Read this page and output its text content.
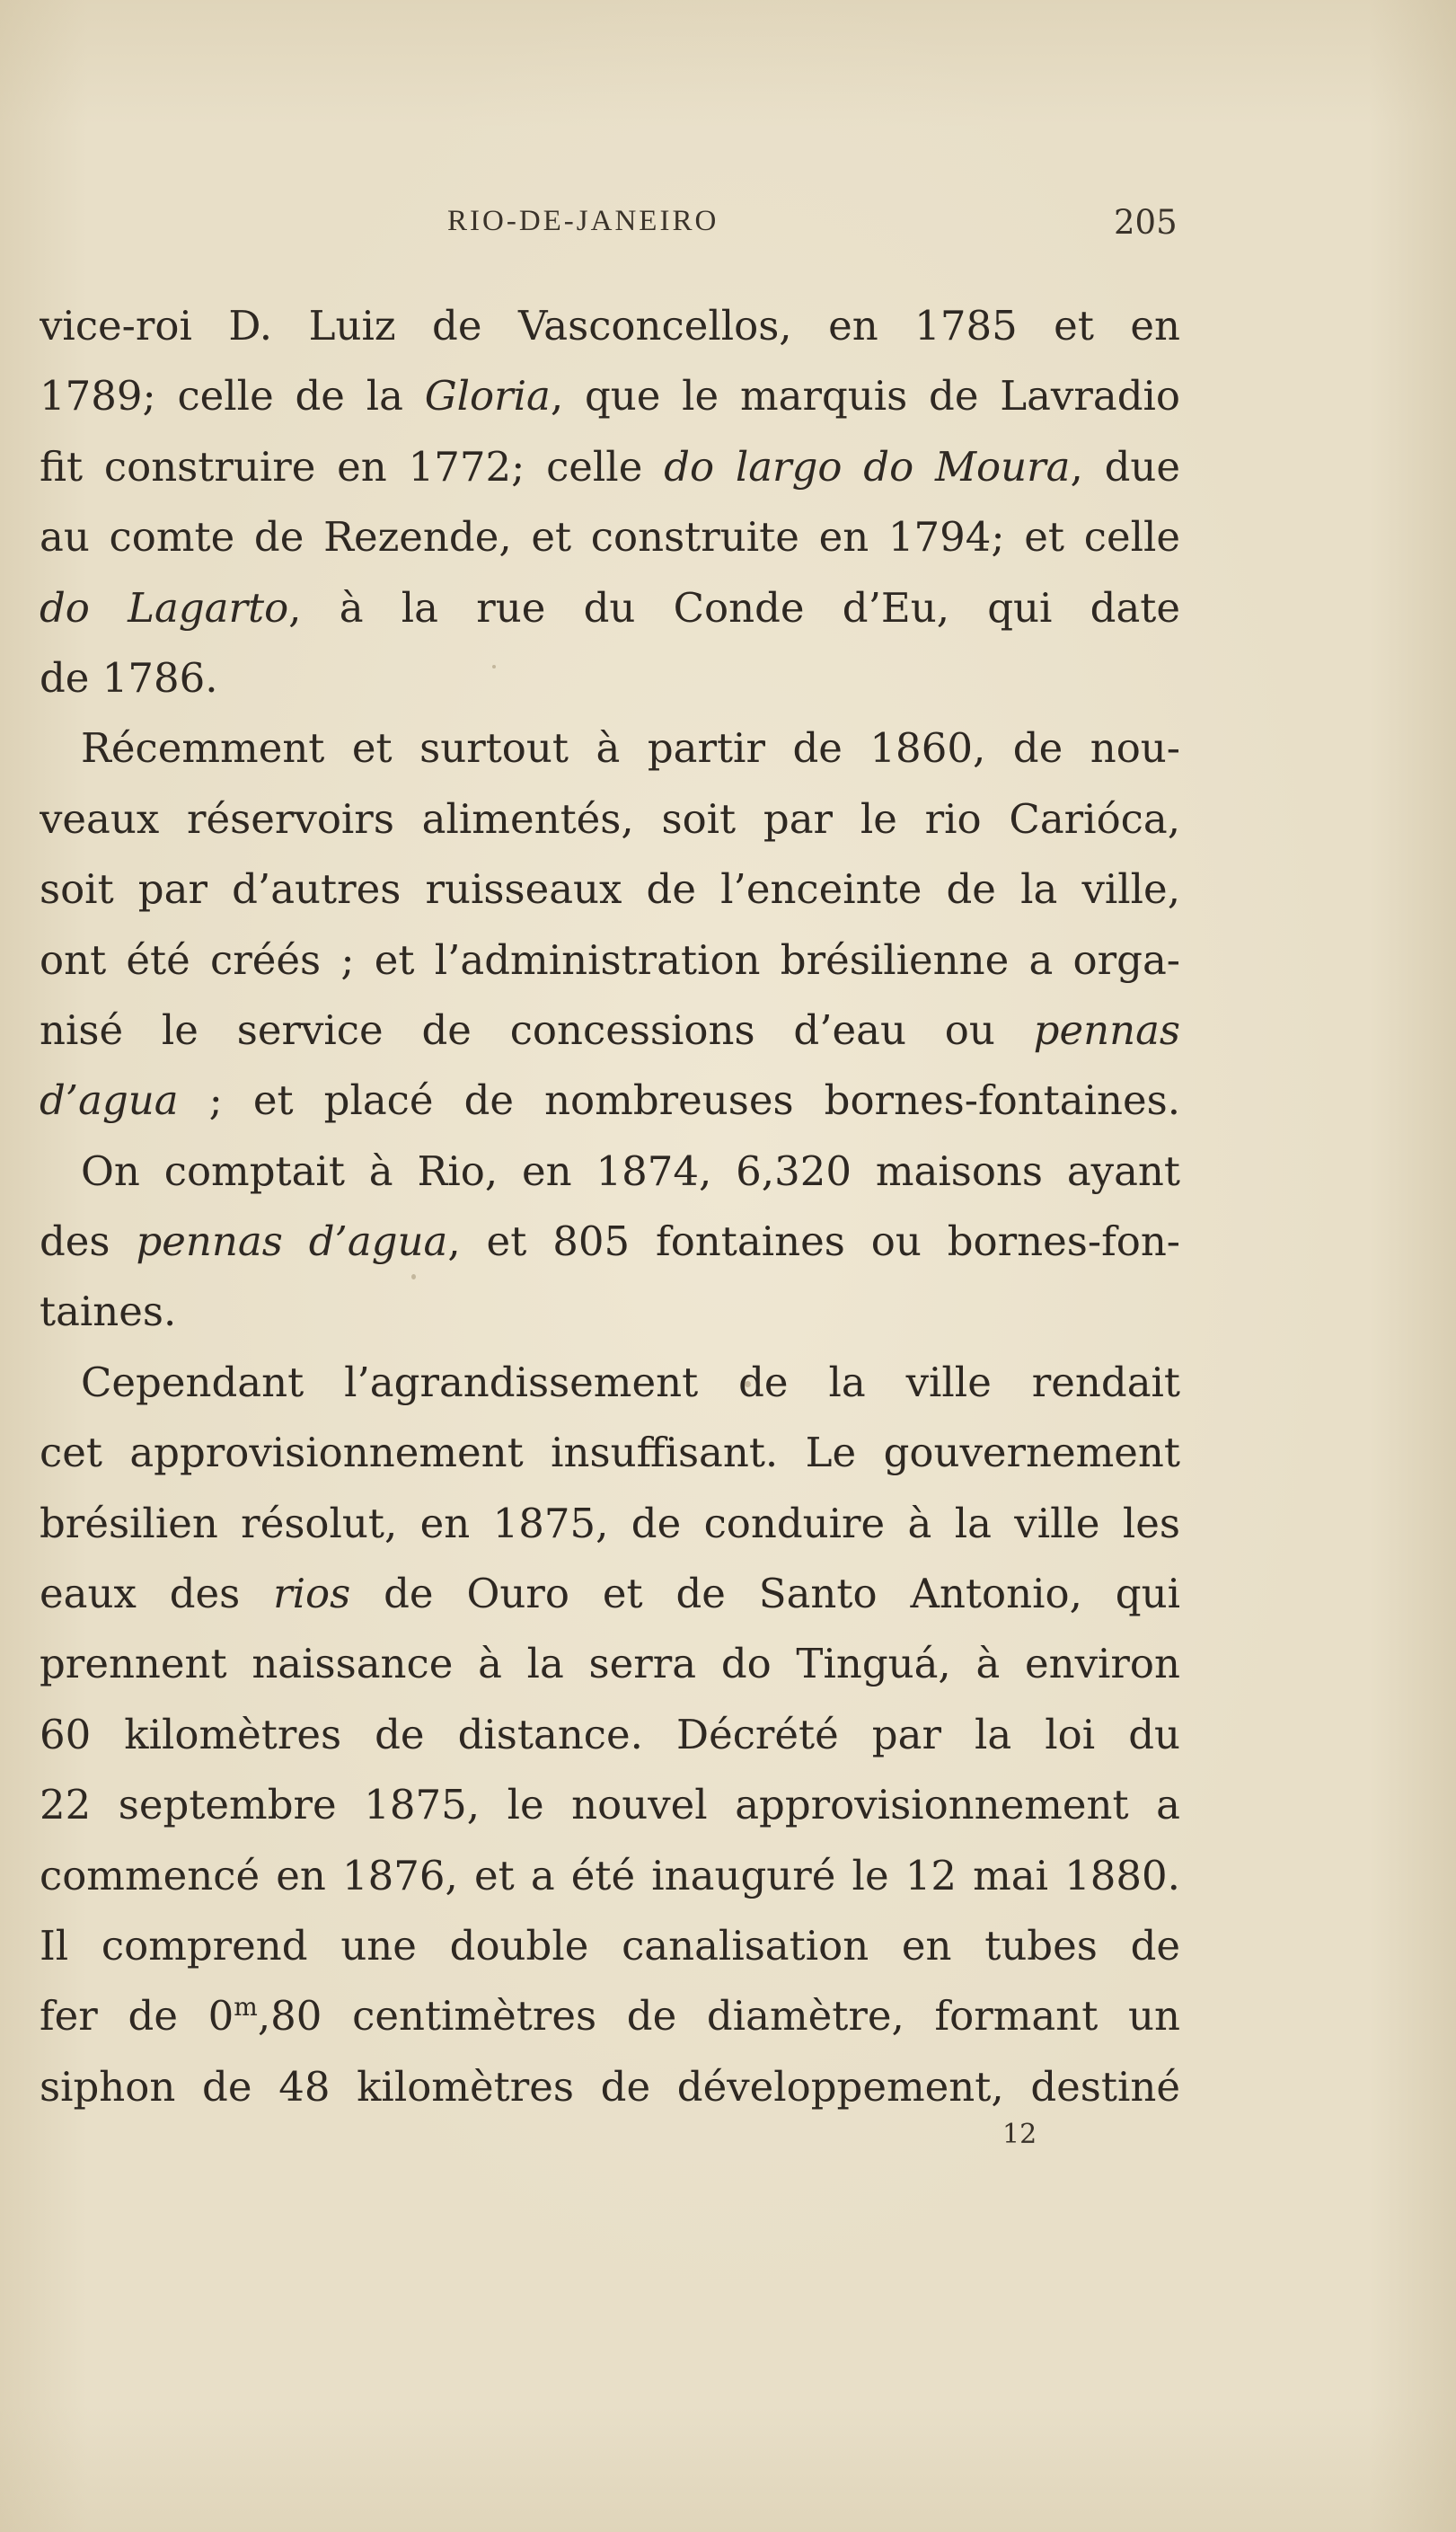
RIO-DE-JANEIRO	205
vice-roi D. Luiz de Vasconcellos, en 1785 et en
1789; celle de la Gloria, que le marquis de Lavradio
fit construire en 1772; celle do largo do Moura, due
au comte de Rezende, et construite en 1794; et celle
do Lagarto, à la rue du Conde d’Eu, qui date
de 1786.
Récemment et surtout à partir de 1860, de nou-
veaux réservoirs alimentés, soit par le rio Carióca,
soit par d’autres ruisseaux de l’enceinte de la ville,
ont été créés ; et l’administration brésilienne a orga-
nisé le service de concessions d’eau ou pennas
d’agua ; et placé de nombreuses bornes-fontaines.
On comptait à Rio, en 1874, 6,320 maisons ayant
des pennas d’agua, et 805 fontaines ou bornes-fon-
taines.
Cependant l’agrandissement de la ville rendait
cet approvisionnement insuffisant. Le gouvernement
brésilien résolut, en 1875, de conduire à la ville les
eaux des rios de Ouro et de Santo Antonio, qui
prennent naissance à la serra do Tinguá, à environ
60 kilomètres de distance. Décrété par la loi du
22 septembre 1875, le nouvel approvisionnement a
commencé en 1876, et a été inauguré le 12 mai 1880.
Il comprend une double canalisation en tubes de
fer de 0$^m$,80 centimètres de diamètre, formant un
siphon de 48 kilomètres de développement, destiné
12
